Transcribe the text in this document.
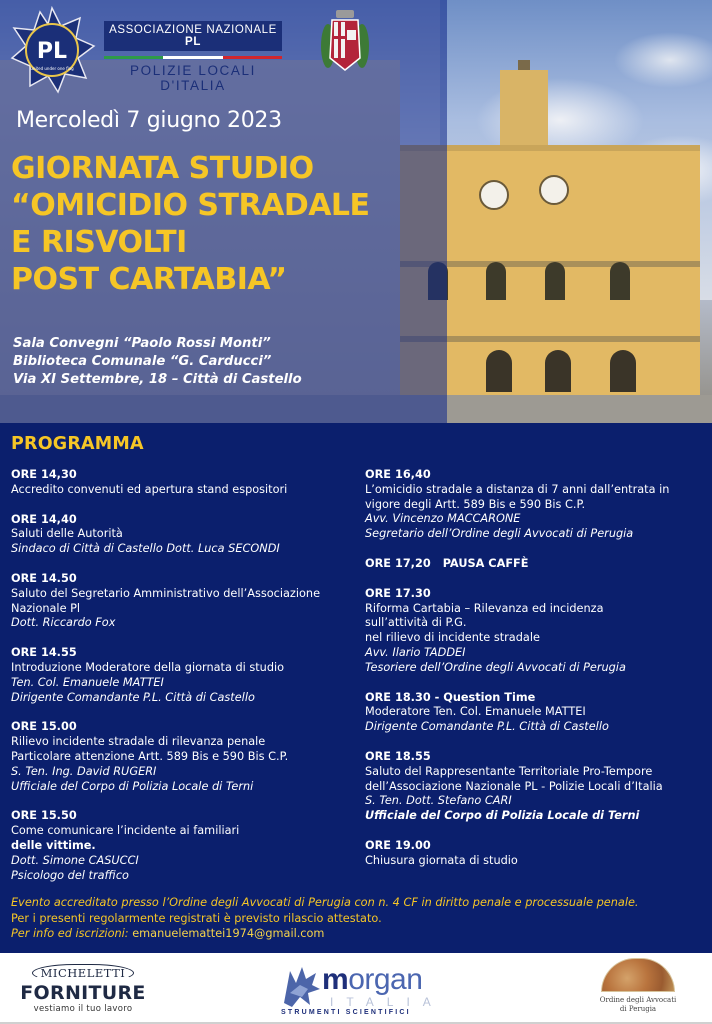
PL
united under one flag
ASSOCIAZIONE NAZIONALE PL
POLIZIE LOCALI D'ITALIA
Mercoledì 7 giugno 2023
GIORNATA STUDIO
“OMICIDIO STRADALE
E RISVOLTI
POST CARTABIA”
Sala Convegni “Paolo Rossi Monti”
Biblioteca Comunale “G. Carducci”
Via XI Settembre, 18 – Città di Castello
PROGRAMMA
ORE 14,30
Accredito convenuti ed apertura stand espositori
ORE 14,40
Saluti delle Autorità
Sindaco di Città di Castello Dott. Luca SECONDI
ORE 14.50
Saluto del Segretario Amministrativo dell’Associazione
Nazionale Pl
Dott. Riccardo Fox
ORE 14.55
Introduzione Moderatore della giornata di studio
Ten. Col. Emanuele MATTEI
Dirigente Comandante P.L. Città di Castello
ORE 15.00
Rilievo incidente stradale di rilevanza penale
Particolare attenzione Artt. 589 Bis e 590 Bis C.P.
S. Ten. Ing. David RUGERI
Ufficiale del Corpo di Polizia Locale di Terni
ORE 15.50
Come comunicare l’incidente ai familiari
delle vittime.
Dott. Simone CASUCCI
Psicologo del traffico
ORE 16,40
L’omicidio stradale a distanza di 7 anni dall’entrata in
vigore degli Artt. 589 Bis e 590 Bis C.P.
Avv. Vincenzo MACCARONE
Segretario dell’Ordine degli Avvocati di Perugia
ORE 17,20 PAUSA CAFFÈ
ORE 17.30
Riforma Cartabia – Rilevanza ed incidenza
sull’attività di P.G.
nel rilievo di incidente stradale
Avv. Ilario TADDEI
Tesoriere dell’Ordine degli Avvocati di Perugia
ORE 18.30 - Question Time
Moderatore Ten. Col. Emanuele MATTEI
Dirigente Comandante P.L. Città di Castello
ORE 18.55
Saluto del Rappresentante Territoriale Pro-Tempore
dell’Associazione Nazionale PL - Polizie Locali d’Italia
S. Ten. Dott. Stefano CARI
Ufficiale del Corpo di Polizia Locale di Terni
ORE 19.00
Chiusura giornata di studio
Evento accreditato presso l’Ordine degli Avvocati di Perugia con n. 4 CF in diritto penale e processuale penale.
Per i presenti regolarmente registrati è previsto rilascio attestato.
Per info ed iscrizioni: emanuelemattei1974@gmail.com
MICHELETTI
FORNITURE
vestiamo il tuo lavoro
morgan
ITALIA
STRUMENTI SCIENTIFICI
Ordine degli Avvocati
di Perugia
